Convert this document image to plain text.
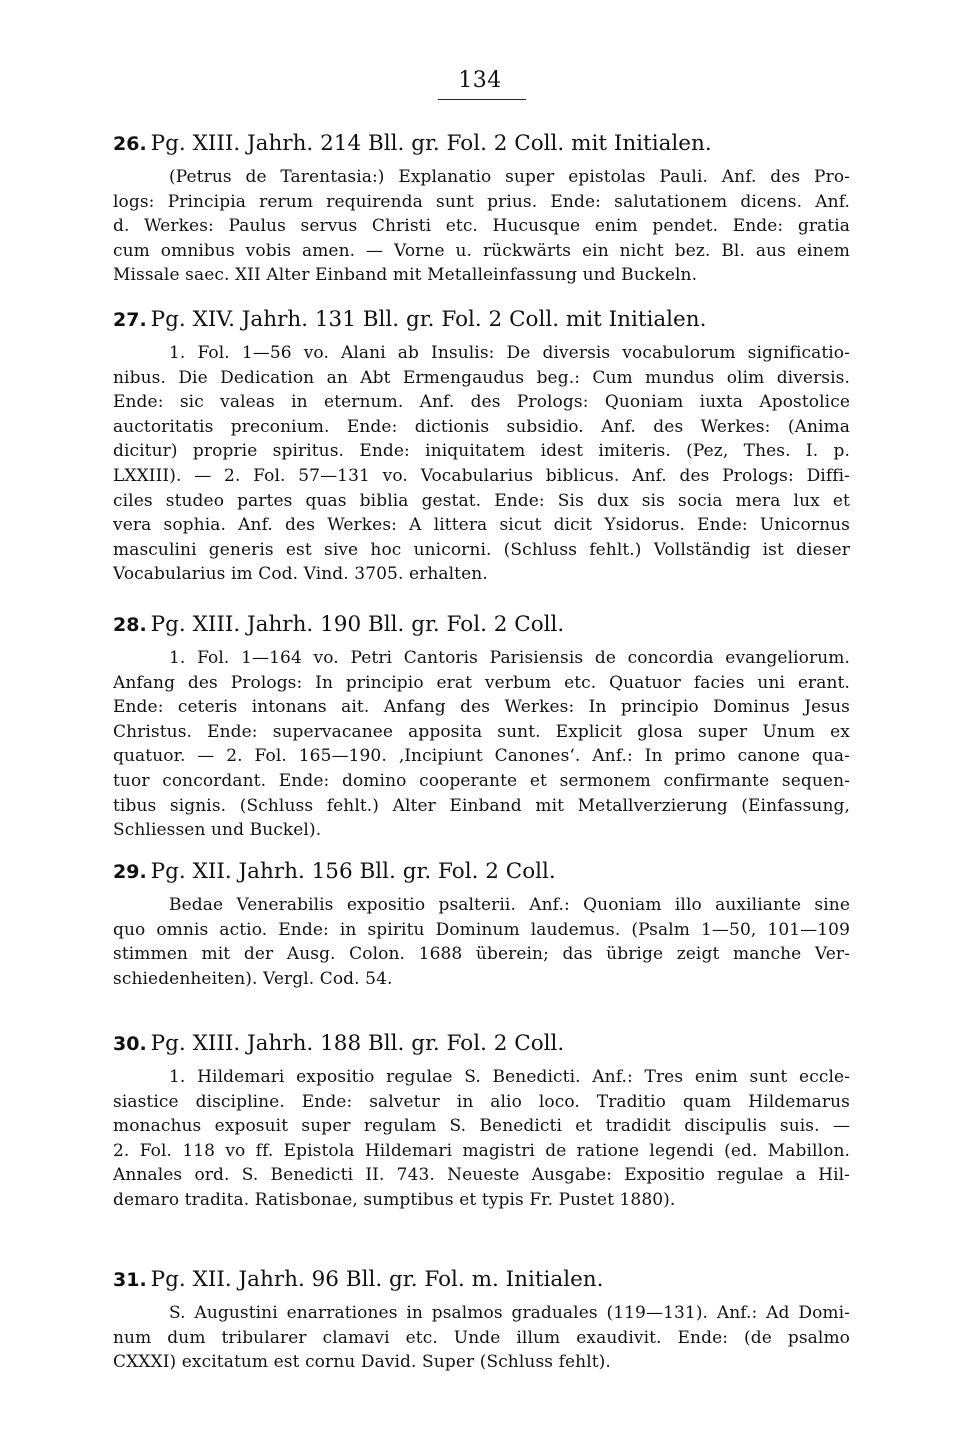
134
26. Pg. XIII. Jahrh. 214 Bll. gr. Fol. 2 Coll. mit Initialen.
(Petrus de Tarentasia:) Explanatio super epistolas Pauli. Anf. des Pro-
logs: Principia rerum requirenda sunt prius. Ende: salutationem dicens. Anf.
d. Werkes: Paulus servus Christi etc. Hucusque enim pendet. Ende: gratia
cum omnibus vobis amen. — Vorne u. rückwärts ein nicht bez. Bl. aus einem
Missale saec. XII Alter Einband mit Metalleinfassung und Buckeln.
27. Pg. XIV. Jahrh. 131 Bll. gr. Fol. 2 Coll. mit Initialen.
1. Fol. 1—56 vo. Alani ab Insulis: De diversis vocabulorum significatio-
nibus. Die Dedication an Abt Ermengaudus beg.: Cum mundus olim diversis.
Ende: sic valeas in eternum. Anf. des Prologs: Quoniam iuxta Apostolice
auctoritatis preconium. Ende: dictionis subsidio. Anf. des Werkes: (Anima
dicitur) proprie spiritus. Ende: iniquitatem idest imiteris. (Pez, Thes. I. p.
LXXIII). — 2. Fol. 57—131 vo. Vocabularius biblicus. Anf. des Prologs: Diffi-
ciles studeo partes quas biblia gestat. Ende: Sis dux sis socia mera lux et
vera sophia. Anf. des Werkes: A littera sicut dicit Ysidorus. Ende: Unicornus
masculini generis est sive hoc unicorni. (Schluss fehlt.) Vollständig ist dieser
Vocabularius im Cod. Vind. 3705. erhalten.
28. Pg. XIII. Jahrh. 190 Bll. gr. Fol. 2 Coll.
1. Fol. 1—164 vo. Petri Cantoris Parisiensis de concordia evangeliorum.
Anfang des Prologs: In principio erat verbum etc. Quatuor facies uni erant.
Ende: ceteris intonans ait. Anfang des Werkes: In principio Dominus Jesus
Christus. Ende: supervacanee apposita sunt. Explicit glosa super Unum ex
quatuor. — 2. Fol. 165—190. ‚Incipiunt Canones‘. Anf.: In primo canone qua-
tuor concordant. Ende: domino cooperante et sermonem confirmante sequen-
tibus signis. (Schluss fehlt.) Alter Einband mit Metallverzierung (Einfassung,
Schliessen und Buckel).
29. Pg. XII. Jahrh. 156 Bll. gr. Fol. 2 Coll.
Bedae Venerabilis expositio psalterii. Anf.: Quoniam illo auxiliante sine
quo omnis actio. Ende: in spiritu Dominum laudemus. (Psalm 1—50, 101—109
stimmen mit der Ausg. Colon. 1688 überein; das übrige zeigt manche Ver-
schiedenheiten). Vergl. Cod. 54.
30. Pg. XIII. Jahrh. 188 Bll. gr. Fol. 2 Coll.
1. Hildemari expositio regulae S. Benedicti. Anf.: Tres enim sunt eccle-
siastice discipline. Ende: salvetur in alio loco. Traditio quam Hildemarus
monachus exposuit super regulam S. Benedicti et tradidit discipulis suis. —
2. Fol. 118 vo ff. Epistola Hildemari magistri de ratione legendi (ed. Mabillon.
Annales ord. S. Benedicti II. 743. Neueste Ausgabe: Expositio regulae a Hil-
demaro tradita. Ratisbonae, sumptibus et typis Fr. Pustet 1880).
31. Pg. XII. Jahrh. 96 Bll. gr. Fol. m. Initialen.
S. Augustini enarrationes in psalmos graduales (119—131). Anf.: Ad Domi-
num dum tribularer clamavi etc. Unde illum exaudivit. Ende: (de psalmo
CXXXI) excitatum est cornu David. Super (Schluss fehlt).
